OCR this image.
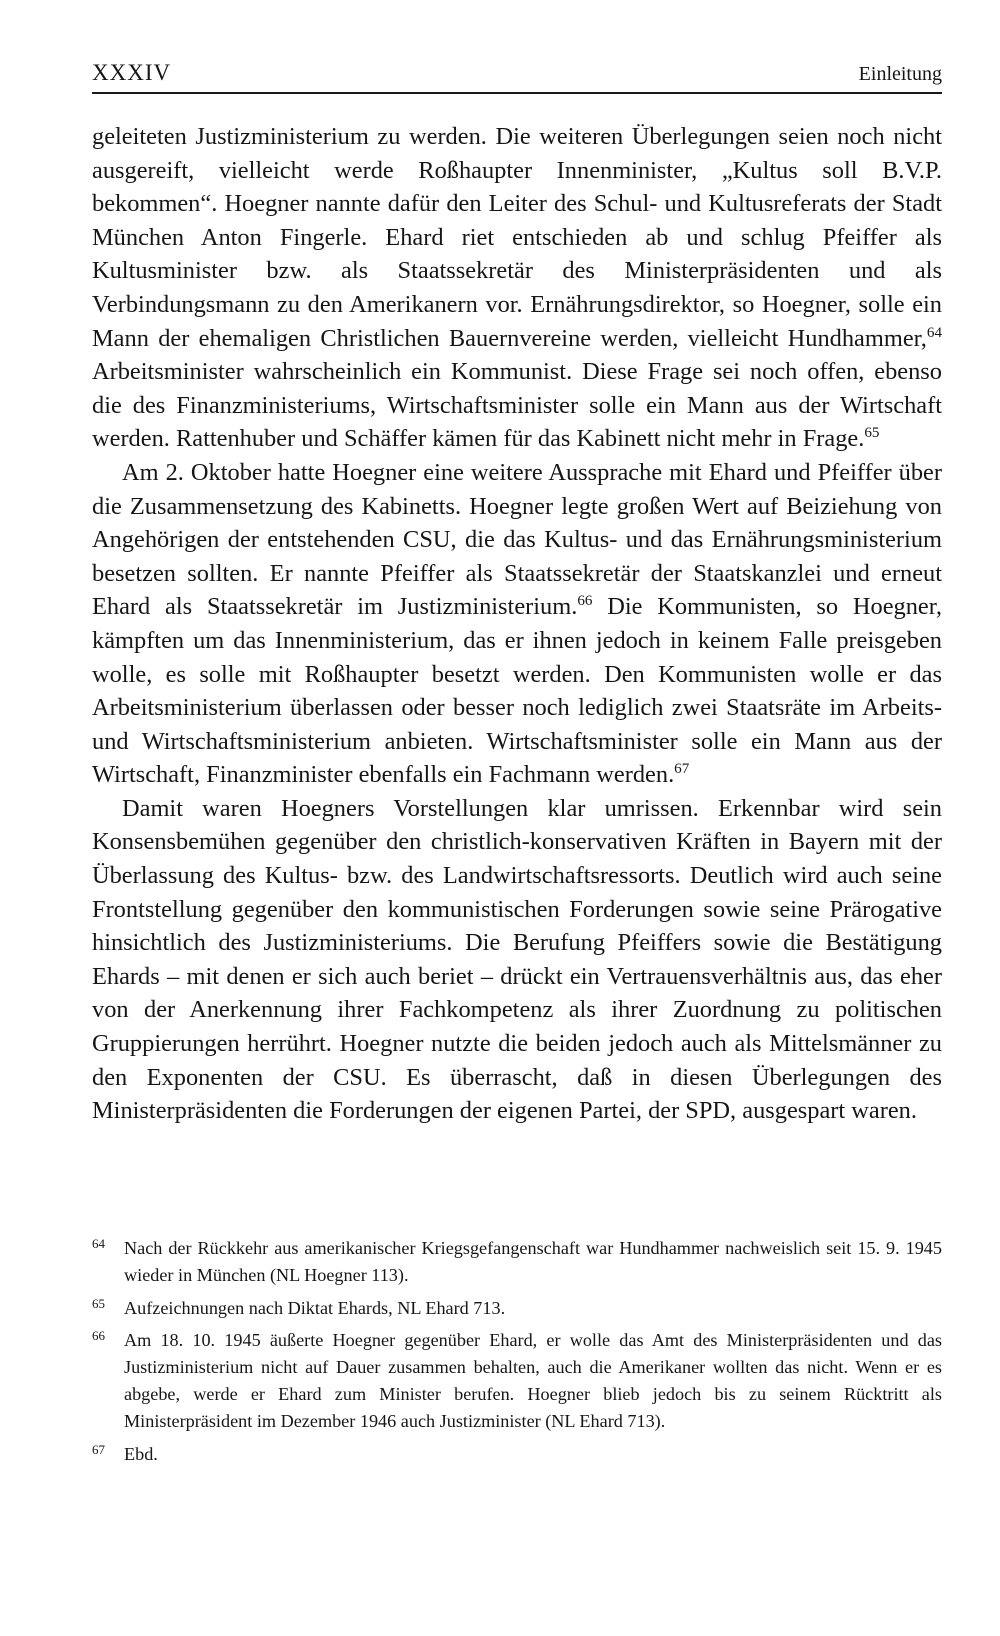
XXXIV	Einleitung

geleiteten Justizministerium zu werden. Die weiteren Überlegungen seien noch nicht ausgereift, vielleicht werde Roßhaupter Innenminister, „Kultus soll B.V.P. bekommen“. Hoegner nannte dafür den Leiter des Schul- und Kultusreferats der Stadt München Anton Fingerle. Ehard riet entschieden ab und schlug Pfeiffer als Kultusminister bzw. als Staatssekretär des Ministerpräsidenten und als Verbindungsmann zu den Amerikanern vor. Ernährungsdirektor, so Hoegner, solle ein Mann der ehemaligen Christlichen Bauernvereine werden, vielleicht Hundhammer,$^{64}$ Arbeitsminister wahrscheinlich ein Kommunist. Diese Frage sei noch offen, ebenso die des Finanzministeriums, Wirtschaftsminister solle ein Mann aus der Wirtschaft werden. Rattenhuber und Schäffer kämen für das Kabinett nicht mehr in Frage.$^{65}$

Am 2. Oktober hatte Hoegner eine weitere Aussprache mit Ehard und Pfeiffer über die Zusammensetzung des Kabinetts. Hoegner legte großen Wert auf Beiziehung von Angehörigen der entstehenden CSU, die das Kultus- und das Ernährungsministerium besetzen sollten. Er nannte Pfeiffer als Staatssekretär der Staatskanzlei und erneut Ehard als Staatssekretär im Justizministerium.$^{66}$ Die Kommunisten, so Hoegner, kämpften um das Innenministerium, das er ihnen jedoch in keinem Falle preisgeben wolle, es solle mit Roßhaupter besetzt werden. Den Kommunisten wolle er das Arbeitsministerium überlassen oder besser noch lediglich zwei Staatsräte im Arbeits- und Wirtschaftsministerium anbieten. Wirtschaftsminister solle ein Mann aus der Wirtschaft, Finanzminister ebenfalls ein Fachmann werden.$^{67}$

Damit waren Hoegners Vorstellungen klar umrissen. Erkennbar wird sein Konsensbemühen gegenüber den christlich-konservativen Kräften in Bayern mit der Überlassung des Kultus- bzw. des Landwirtschaftsressorts. Deutlich wird auch seine Frontstellung gegenüber den kommunistischen Forderungen sowie seine Prärogative hinsichtlich des Justizministeriums. Die Berufung Pfeiffers sowie die Bestätigung Ehards – mit denen er sich auch beriet – drückt ein Vertrauensverhältnis aus, das eher von der Anerkennung ihrer Fachkompetenz als ihrer Zuordnung zu politischen Gruppierungen herrührt. Hoegner nutzte die beiden jedoch auch als Mittelsmänner zu den Exponenten der CSU. Es überrascht, daß in diesen Überlegungen des Ministerpräsidenten die Forderungen der eigenen Partei, der SPD, ausgespart waren.

64 Nach der Rückkehr aus amerikanischer Kriegsgefangenschaft war Hundhammer nachweislich seit 15. 9. 1945 wieder in München (NL Hoegner 113).
65 Aufzeichnungen nach Diktat Ehards, NL Ehard 713.
66 Am 18. 10. 1945 äußerte Hoegner gegenüber Ehard, er wolle das Amt des Ministerpräsidenten und das Justizministerium nicht auf Dauer zusammen behalten, auch die Amerikaner wollten das nicht. Wenn er es abgebe, werde er Ehard zum Minister berufen. Hoegner blieb jedoch bis zu seinem Rücktritt als Ministerpräsident im Dezember 1946 auch Justizminister (NL Ehard 713).
67 Ebd.
